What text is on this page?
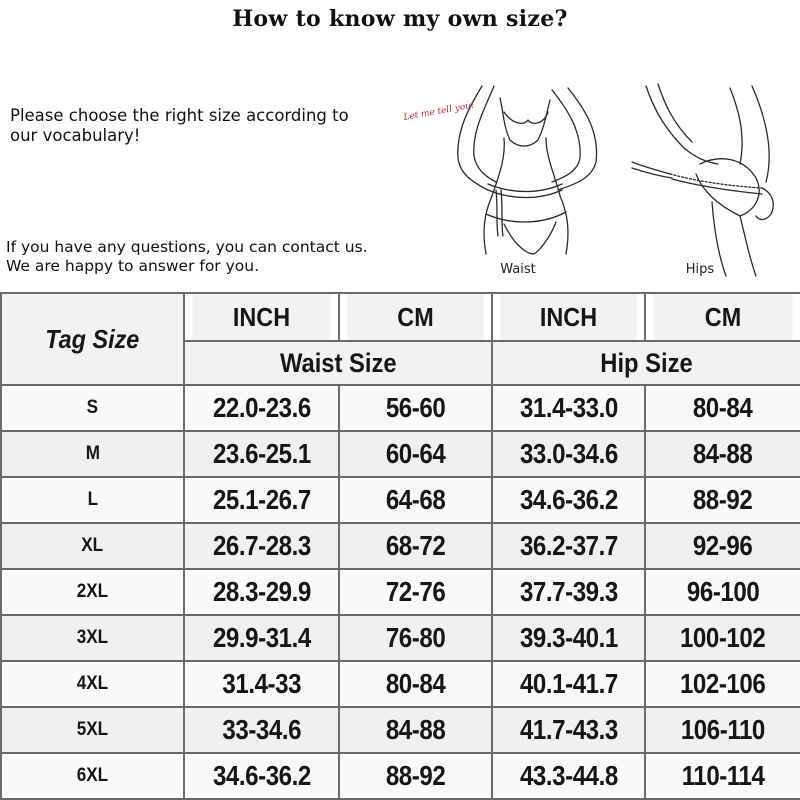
How to know my own size?
Please choose the right size according to
our vocabulary!
If you have any questions, you can contact us.
We are happy to answer for you.
Let me tell you!
Waist	Hips
Tag Size	INCH	CM	INCH	CM
	Waist Size		Hip Size	
S	22.0-23.6	56-60	31.4-33.0	80-84
M	23.6-25.1	60-64	33.0-34.6	84-88
L	25.1-26.7	64-68	34.6-36.2	88-92
XL	26.7-28.3	68-72	36.2-37.7	92-96
2XL	28.3-29.9	72-76	37.7-39.3	96-100
3XL	29.9-31.4	76-80	39.3-40.1	100-102
4XL	31.4-33	80-84	40.1-41.7	102-106
5XL	33-34.6	84-88	41.7-43.3	106-110
6XL	34.6-36.2	88-92	43.3-44.8	110-114
